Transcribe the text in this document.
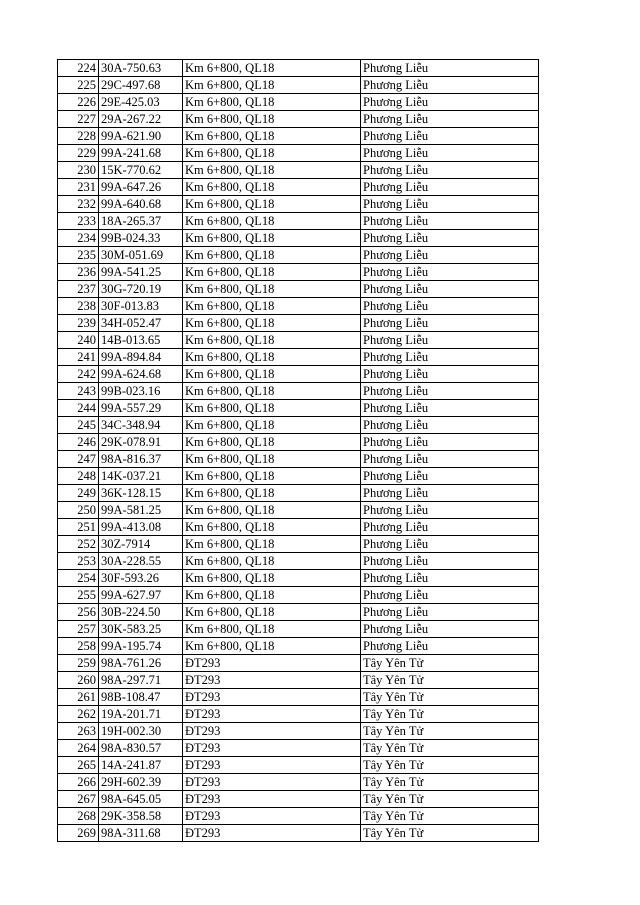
224	30A-750.63	Km 6+800, QL18	Phương Liễu
225	29C-497.68	Km 6+800, QL18	Phương Liễu
226	29E-425.03	Km 6+800, QL18	Phương Liễu
227	29A-267.22	Km 6+800, QL18	Phương Liễu
228	99A-621.90	Km 6+800, QL18	Phương Liễu
229	99A-241.68	Km 6+800, QL18	Phương Liễu
230	15K-770.62	Km 6+800, QL18	Phương Liễu
231	99A-647.26	Km 6+800, QL18	Phương Liễu
232	99A-640.68	Km 6+800, QL18	Phương Liễu
233	18A-265.37	Km 6+800, QL18	Phương Liễu
234	99B-024.33	Km 6+800, QL18	Phương Liễu
235	30M-051.69	Km 6+800, QL18	Phương Liễu
236	99A-541.25	Km 6+800, QL18	Phương Liễu
237	30G-720.19	Km 6+800, QL18	Phương Liễu
238	30F-013.83	Km 6+800, QL18	Phương Liễu
239	34H-052.47	Km 6+800, QL18	Phương Liễu
240	14B-013.65	Km 6+800, QL18	Phương Liễu
241	99A-894.84	Km 6+800, QL18	Phương Liễu
242	99A-624.68	Km 6+800, QL18	Phương Liễu
243	99B-023.16	Km 6+800, QL18	Phương Liễu
244	99A-557.29	Km 6+800, QL18	Phương Liễu
245	34C-348.94	Km 6+800, QL18	Phương Liễu
246	29K-078.91	Km 6+800, QL18	Phương Liễu
247	98A-816.37	Km 6+800, QL18	Phương Liễu
248	14K-037.21	Km 6+800, QL18	Phương Liễu
249	36K-128.15	Km 6+800, QL18	Phương Liễu
250	99A-581.25	Km 6+800, QL18	Phương Liễu
251	99A-413.08	Km 6+800, QL18	Phương Liễu
252	30Z-7914	Km 6+800, QL18	Phương Liễu
253	30A-228.55	Km 6+800, QL18	Phương Liễu
254	30F-593.26	Km 6+800, QL18	Phương Liễu
255	99A-627.97	Km 6+800, QL18	Phương Liễu
256	30B-224.50	Km 6+800, QL18	Phương Liễu
257	30K-583.25	Km 6+800, QL18	Phương Liễu
258	99A-195.74	Km 6+800, QL18	Phương Liễu
259	98A-761.26	ĐT293	Tây Yên Tử
260	98A-297.71	ĐT293	Tây Yên Tử
261	98B-108.47	ĐT293	Tây Yên Tử
262	19A-201.71	ĐT293	Tây Yên Tử
263	19H-002.30	ĐT293	Tây Yên Tử
264	98A-830.57	ĐT293	Tây Yên Tử
265	14A-241.87	ĐT293	Tây Yên Tử
266	29H-602.39	ĐT293	Tây Yên Tử
267	98A-645.05	ĐT293	Tây Yên Tử
268	29K-358.58	ĐT293	Tây Yên Tử
269	98A-311.68	ĐT293	Tây Yên Tử
